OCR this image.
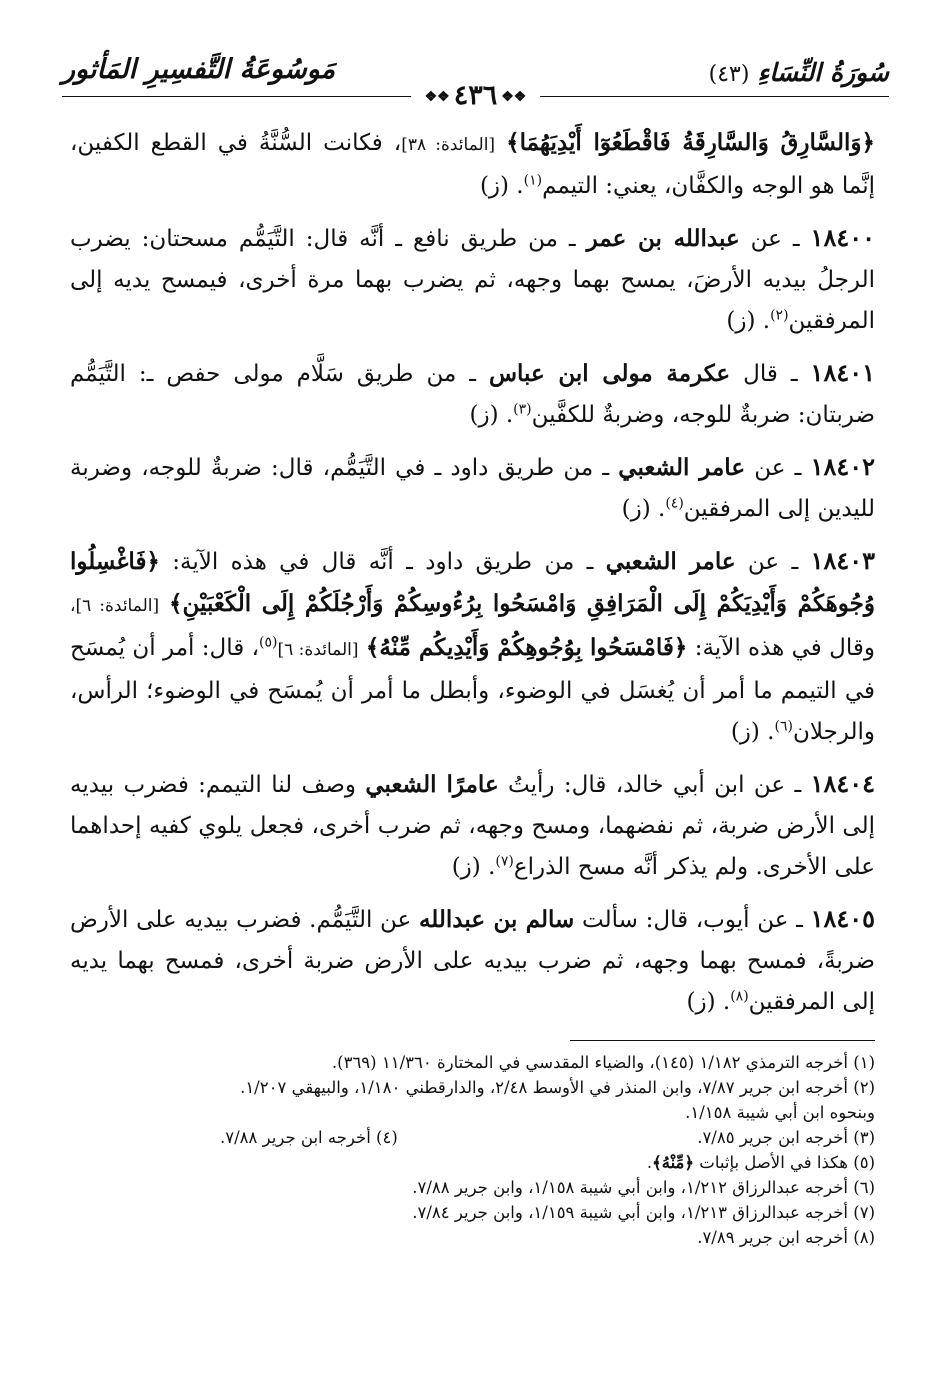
سُورَةُ النِّسَاءِ(٤٣)
❖❖٤٣٦❖❖
مَوسُوعَةُ التَّفسِيرِ المَأثور

﴿وَالسَّارِقُ وَالسَّارِقَةُ فَاقْطَعُوٓا أَيْدِيَهُمَا﴾ [المائدة: ٣٨]، فكانت السُّنَّةُ في القطع الكفين، إنَّما هو الوجه والكفَّان، يعني: التيمم$^{(١)}$. (ز)

١٨٤٠٠ ـ عن عبدالله بن عمر ـ من طريق نافع ـ أنَّه قال: التَّيَمُّم مسحتان: يضرب الرجلُ بيديه الأرضَ، يمسح بهما وجهه، ثم يضرب بهما مرة أخرى، فيمسح يديه إلى المرفقين$^{(٢)}$. (ز)

١٨٤٠١ ـ قال عكرمة مولى ابن عباس ـ من طريق سَلَّام مولى حفص ـ: التَّيَمُّم ضربتان: ضربةٌ للوجه، وضربةٌ للكفَّين$^{(٣)}$. (ز)

١٨٤٠٢ ـ عن عامر الشعبي ـ من طريق داود ـ في التَّيَمُّم، قال: ضربةٌ للوجه، وضربة لليدين إلى المرفقين$^{(٤)}$. (ز)

١٨٤٠٣ ـ عن عامر الشعبي ـ من طريق داود ـ أنَّه قال في هذه الآية: ﴿فَاغْسِلُوا وُجُوهَكُمْ وَأَيْدِيَكُمْ إِلَى الْمَرَافِقِ وَامْسَحُوا بِرُءُوسِكُمْ وَأَرْجُلَكُمْ إِلَى الْكَعْبَيْنِ﴾ [المائدة: ٦]، وقال في هذه الآية: ﴿فَامْسَحُوا بِوُجُوهِكُمْ وَأَيْدِيكُم مِّنْهُ﴾ [المائدة: ٦]$^{(٥)}$، قال: أمر أن يُمسَح في التيمم ما أمر أن يُغسَل في الوضوء، وأبطل ما أمر أن يُمسَح في الوضوء؛ الرأس، والرجلان$^{(٦)}$. (ز)

١٨٤٠٤ ـ عن ابن أبي خالد، قال: رأيتُ عامرًا الشعبي وصف لنا التيمم: فضرب بيديه إلى الأرض ضربة، ثم نفضهما، ومسح وجهه، ثم ضرب أخرى، فجعل يلوي كفيه إحداهما على الأخرى. ولم يذكر أنَّه مسح الذراع$^{(٧)}$. (ز)

١٨٤٠٥ ـ عن أيوب، قال: سألت سالم بن عبدالله عن التَّيَمُّم. فضرب بيديه على الأرض ضربةً، فمسح بهما وجهه، ثم ضرب بيديه على الأرض ضربة أخرى، فمسح بهما يديه إلى المرفقين$^{(٨)}$. (ز)

(١) أخرجه الترمذي ١/١٨٢ (١٤٥)، والضياء المقدسي في المختارة ١١/٣٦٠ (٣٦٩).
(٢) أخرجه ابن جرير ٧/٨٧، وابن المنذر في الأوسط ٢/٤٨، والدارقطني ١/١٨٠، والبيهقي ١/٢٠٧.
وبنحوه ابن أبي شيبة ١/١٥٨.
(٣) أخرجه ابن جرير ٧/٨٥.
(٤) أخرجه ابن جرير ٧/٨٨.
(٥) هكذا في الأصل بإثبات ﴿مِّنْهُ﴾.
(٦) أخرجه عبدالرزاق ١/٢١٢، وابن أبي شيبة ١/١٥٨، وابن جرير ٧/٨٨.
(٧) أخرجه عبدالرزاق ١/٢١٣، وابن أبي شيبة ١/١٥٩، وابن جرير ٧/٨٤.
(٨) أخرجه ابن جرير ٧/٨٩.
